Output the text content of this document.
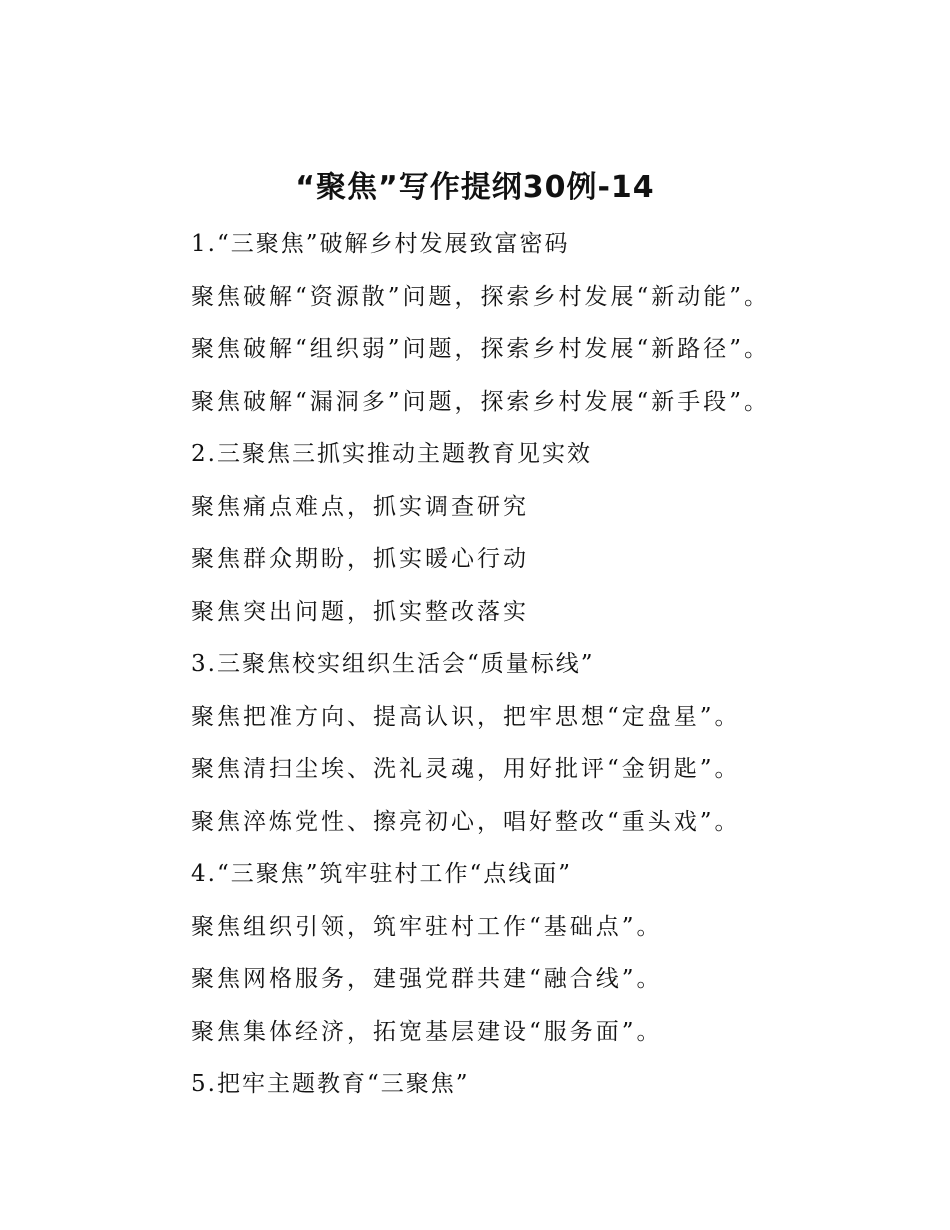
“聚焦”写作提纲30例-14
1.“三聚焦”破解乡村发展致富密码
聚焦破解“资源散”问题，探索乡村发展“新动能”。
聚焦破解“组织弱”问题，探索乡村发展“新路径”。
聚焦破解“漏洞多”问题，探索乡村发展“新手段”。
2.三聚焦三抓实推动主题教育见实效
聚焦痛点难点，抓实调查研究
聚焦群众期盼，抓实暖心行动
聚焦突出问题，抓实整改落实
3.三聚焦校实组织生活会“质量标线”
聚焦把准方向、提高认识，把牢思想“定盘星”。
聚焦清扫尘埃、洗礼灵魂，用好批评“金钥匙”。
聚焦淬炼党性、擦亮初心，唱好整改“重头戏”。
4.“三聚焦”筑牢驻村工作“点线面”
聚焦组织引领，筑牢驻村工作“基础点”。
聚焦网格服务，建强党群共建“融合线”。
聚焦集体经济，拓宽基层建设“服务面”。
5.把牢主题教育“三聚焦”
